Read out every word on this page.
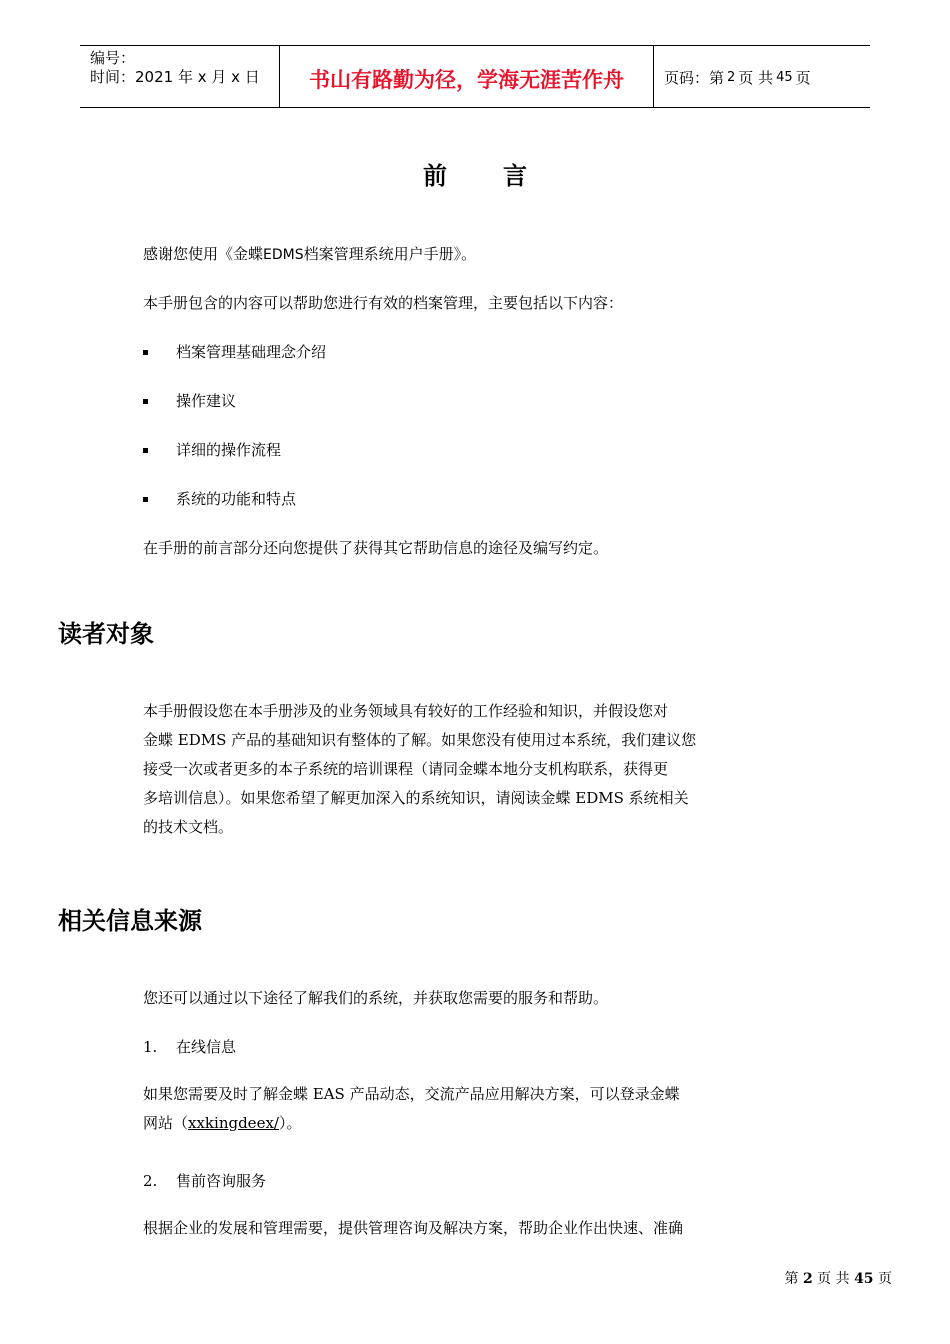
编号：
时间：2021 年 x 月 x 日	书山有路勤为径，学海无涯苦作舟	页码：第 2 页 共 45 页
前言
感谢您使用《金蝶EDMS档案管理系统用户手册》。
本手册包含的内容可以帮助您进行有效的档案管理，主要包括以下内容：
档案管理基础理念介绍
操作建议
详细的操作流程
系统的功能和特点
在手册的前言部分还向您提供了获得其它帮助信息的途径及编写约定。
读者对象
本手册假设您在本手册涉及的业务领域具有较好的工作经验和知识，并假设您对
金蝶 EDMS 产品的基础知识有整体的了解。如果您没有使用过本系统，我们建议您
接受一次或者更多的本子系统的培训课程（请同金蝶本地分支机构联系，获得更
多培训信息）。如果您希望了解更加深入的系统知识，请阅读金蝶 EDMS 系统相关
的技术文档。
相关信息来源
您还可以通过以下途径了解我们的系统，并获取您需要的服务和帮助。
1. 在线信息
如果您需要及时了解金蝶 EAS 产品动态，交流产品应用解决方案，可以登录金蝶
网站（xxkingdeex/）。
2. 售前咨询服务
根据企业的发展和管理需要，提供管理咨询及解决方案，帮助企业作出快速、准确
第 2 页 共 45 页
